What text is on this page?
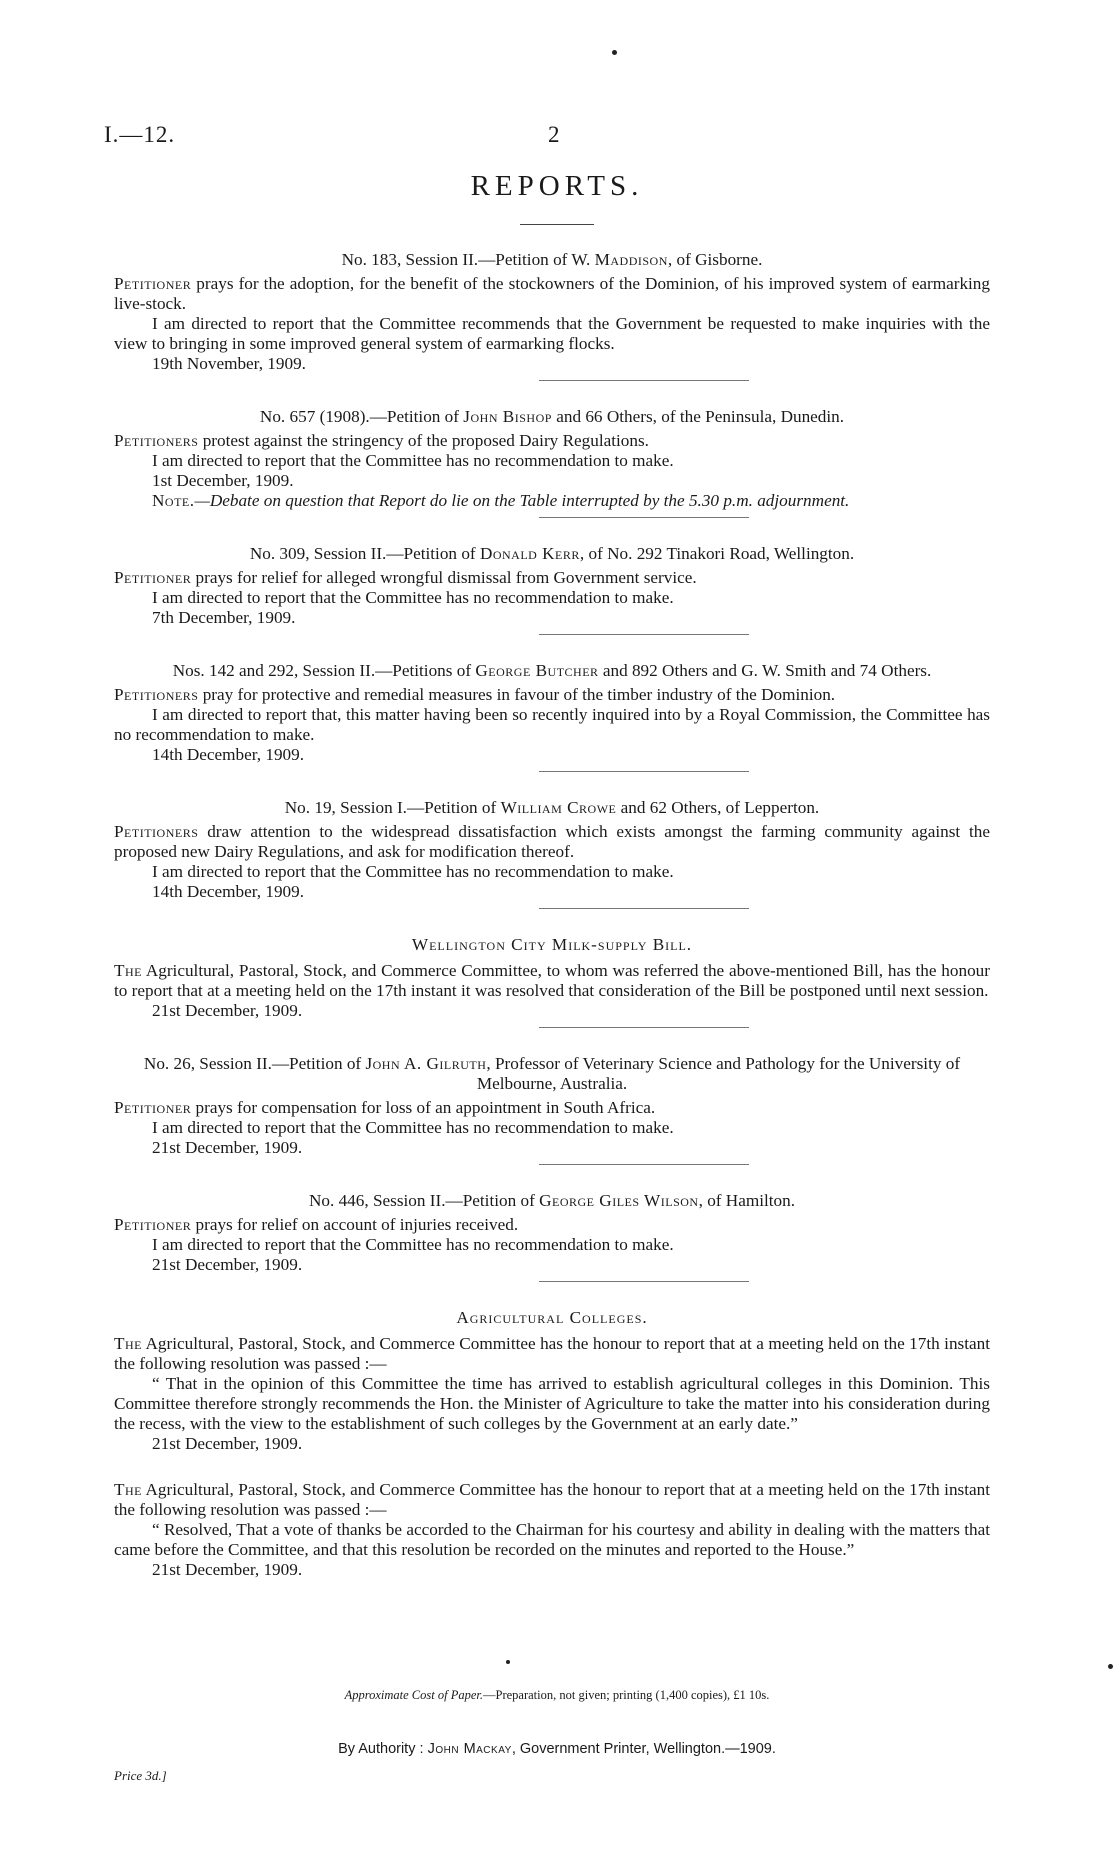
I.—12.	2
REPORTS.

No. 183, Session II.—Petition of W. Maddison, of Gisborne.

Petitioner prays for the adoption, for the benefit of the stockowners of the Dominion, of his improved system of earmarking live-stock.

I am directed to report that the Committee recommends that the Government be requested to make inquiries with the view to bringing in some improved general system of earmarking flocks.

19th November, 1909.

No. 657 (1908).—Petition of John Bishop and 66 Others, of the Peninsula, Dunedin.

Petitioners protest against the stringency of the proposed Dairy Regulations.

I am directed to report that the Committee has no recommendation to make.

1st December, 1909.

Note.—Debate on question that Report do lie on the Table interrupted by the 5.30 p.m. adjournment.

No. 309, Session II.—Petition of Donald Kerr, of No. 292 Tinakori Road, Wellington.

Petitioner prays for relief for alleged wrongful dismissal from Government service.

I am directed to report that the Committee has no recommendation to make.

7th December, 1909.

Nos. 142 and 292, Session II.—Petitions of George Butcher and 892 Others and G. W. Smith and 74 Others.

Petitioners pray for protective and remedial measures in favour of the timber industry of the Dominion.

I am directed to report that, this matter having been so recently inquired into by a Royal Commission, the Committee has no recommendation to make.

14th December, 1909.

No. 19, Session I.—Petition of William Crowe and 62 Others, of Lepperton.

Petitioners draw attention to the widespread dissatisfaction which exists amongst the farming community against the proposed new Dairy Regulations, and ask for modification thereof.

I am directed to report that the Committee has no recommendation to make.

14th December, 1909.

Wellington City Milk-supply Bill.

The Agricultural, Pastoral, Stock, and Commerce Committee, to whom was referred the above-mentioned Bill, has the honour to report that at a meeting held on the 17th instant it was resolved that consideration of the Bill be postponed until next session.

21st December, 1909.

No. 26, Session II.—Petition of John A. Gilruth, Professor of Veterinary Science and Pathology for the University of Melbourne, Australia.

Petitioner prays for compensation for loss of an appointment in South Africa.

I am directed to report that the Committee has no recommendation to make.

21st December, 1909.

No. 446, Session II.—Petition of George Giles Wilson, of Hamilton.

Petitioner prays for relief on account of injuries received.

I am directed to report that the Committee has no recommendation to make.

21st December, 1909.

Agricultural Colleges.

The Agricultural, Pastoral, Stock, and Commerce Committee has the honour to report that at a meeting held on the 17th instant the following resolution was passed :—

“ That in the opinion of this Committee the time has arrived to establish agricultural colleges in this Dominion. This Committee therefore strongly recommends the Hon. the Minister of Agriculture to take the matter into his consideration during the recess, with the view to the establishment of such colleges by the Government at an early date.”

21st December, 1909.

The Agricultural, Pastoral, Stock, and Commerce Committee has the honour to report that at a meeting held on the 17th instant the following resolution was passed :—

“ Resolved, That a vote of thanks be accorded to the Chairman for his courtesy and ability in dealing with the matters that came before the Committee, and that this resolution be recorded on the minutes and reported to the House.”

21st December, 1909.

Approximate Cost of Paper.—Preparation, not given; printing (1,400 copies), £1 10s.
By Authority : John Mackay, Government Printer, Wellington.—1909.
Price 3d.]
